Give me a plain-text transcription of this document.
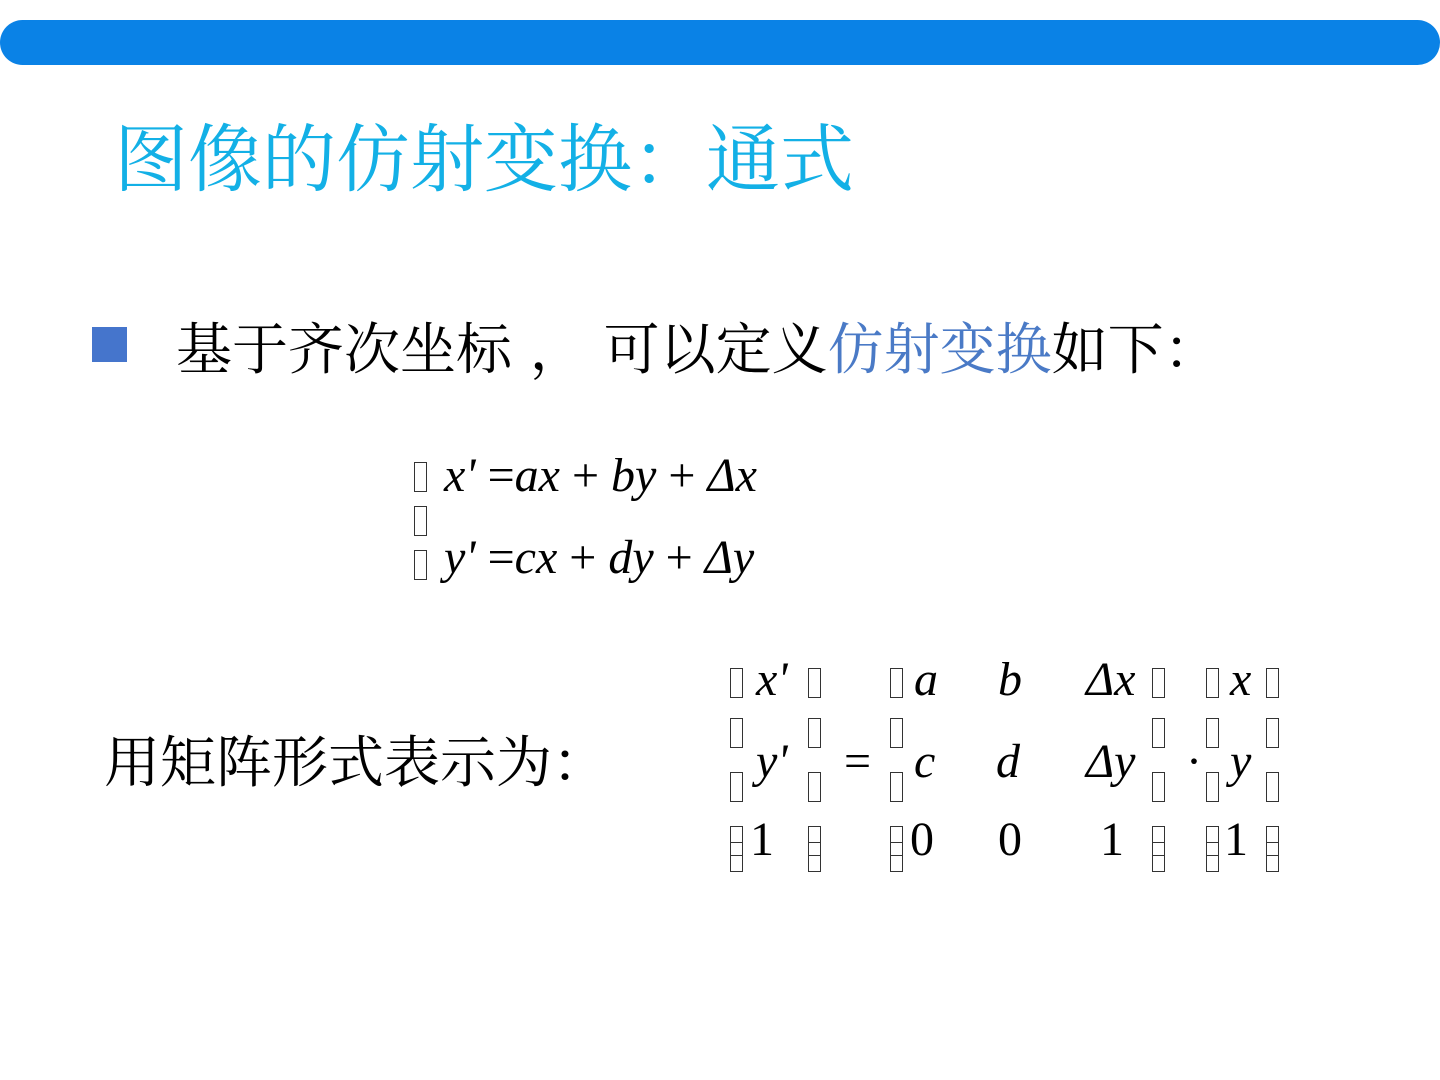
图像的仿射变换：通式
基于齐次坐标 ， 可以定义仿射变换如下：
x' =ax + by + Δx
y' =cx + dy + Δy
用矩阵形式表示为：
x'
y'
1
=
a b Δx
c d Δy
0 0 1
·
x
y
1
